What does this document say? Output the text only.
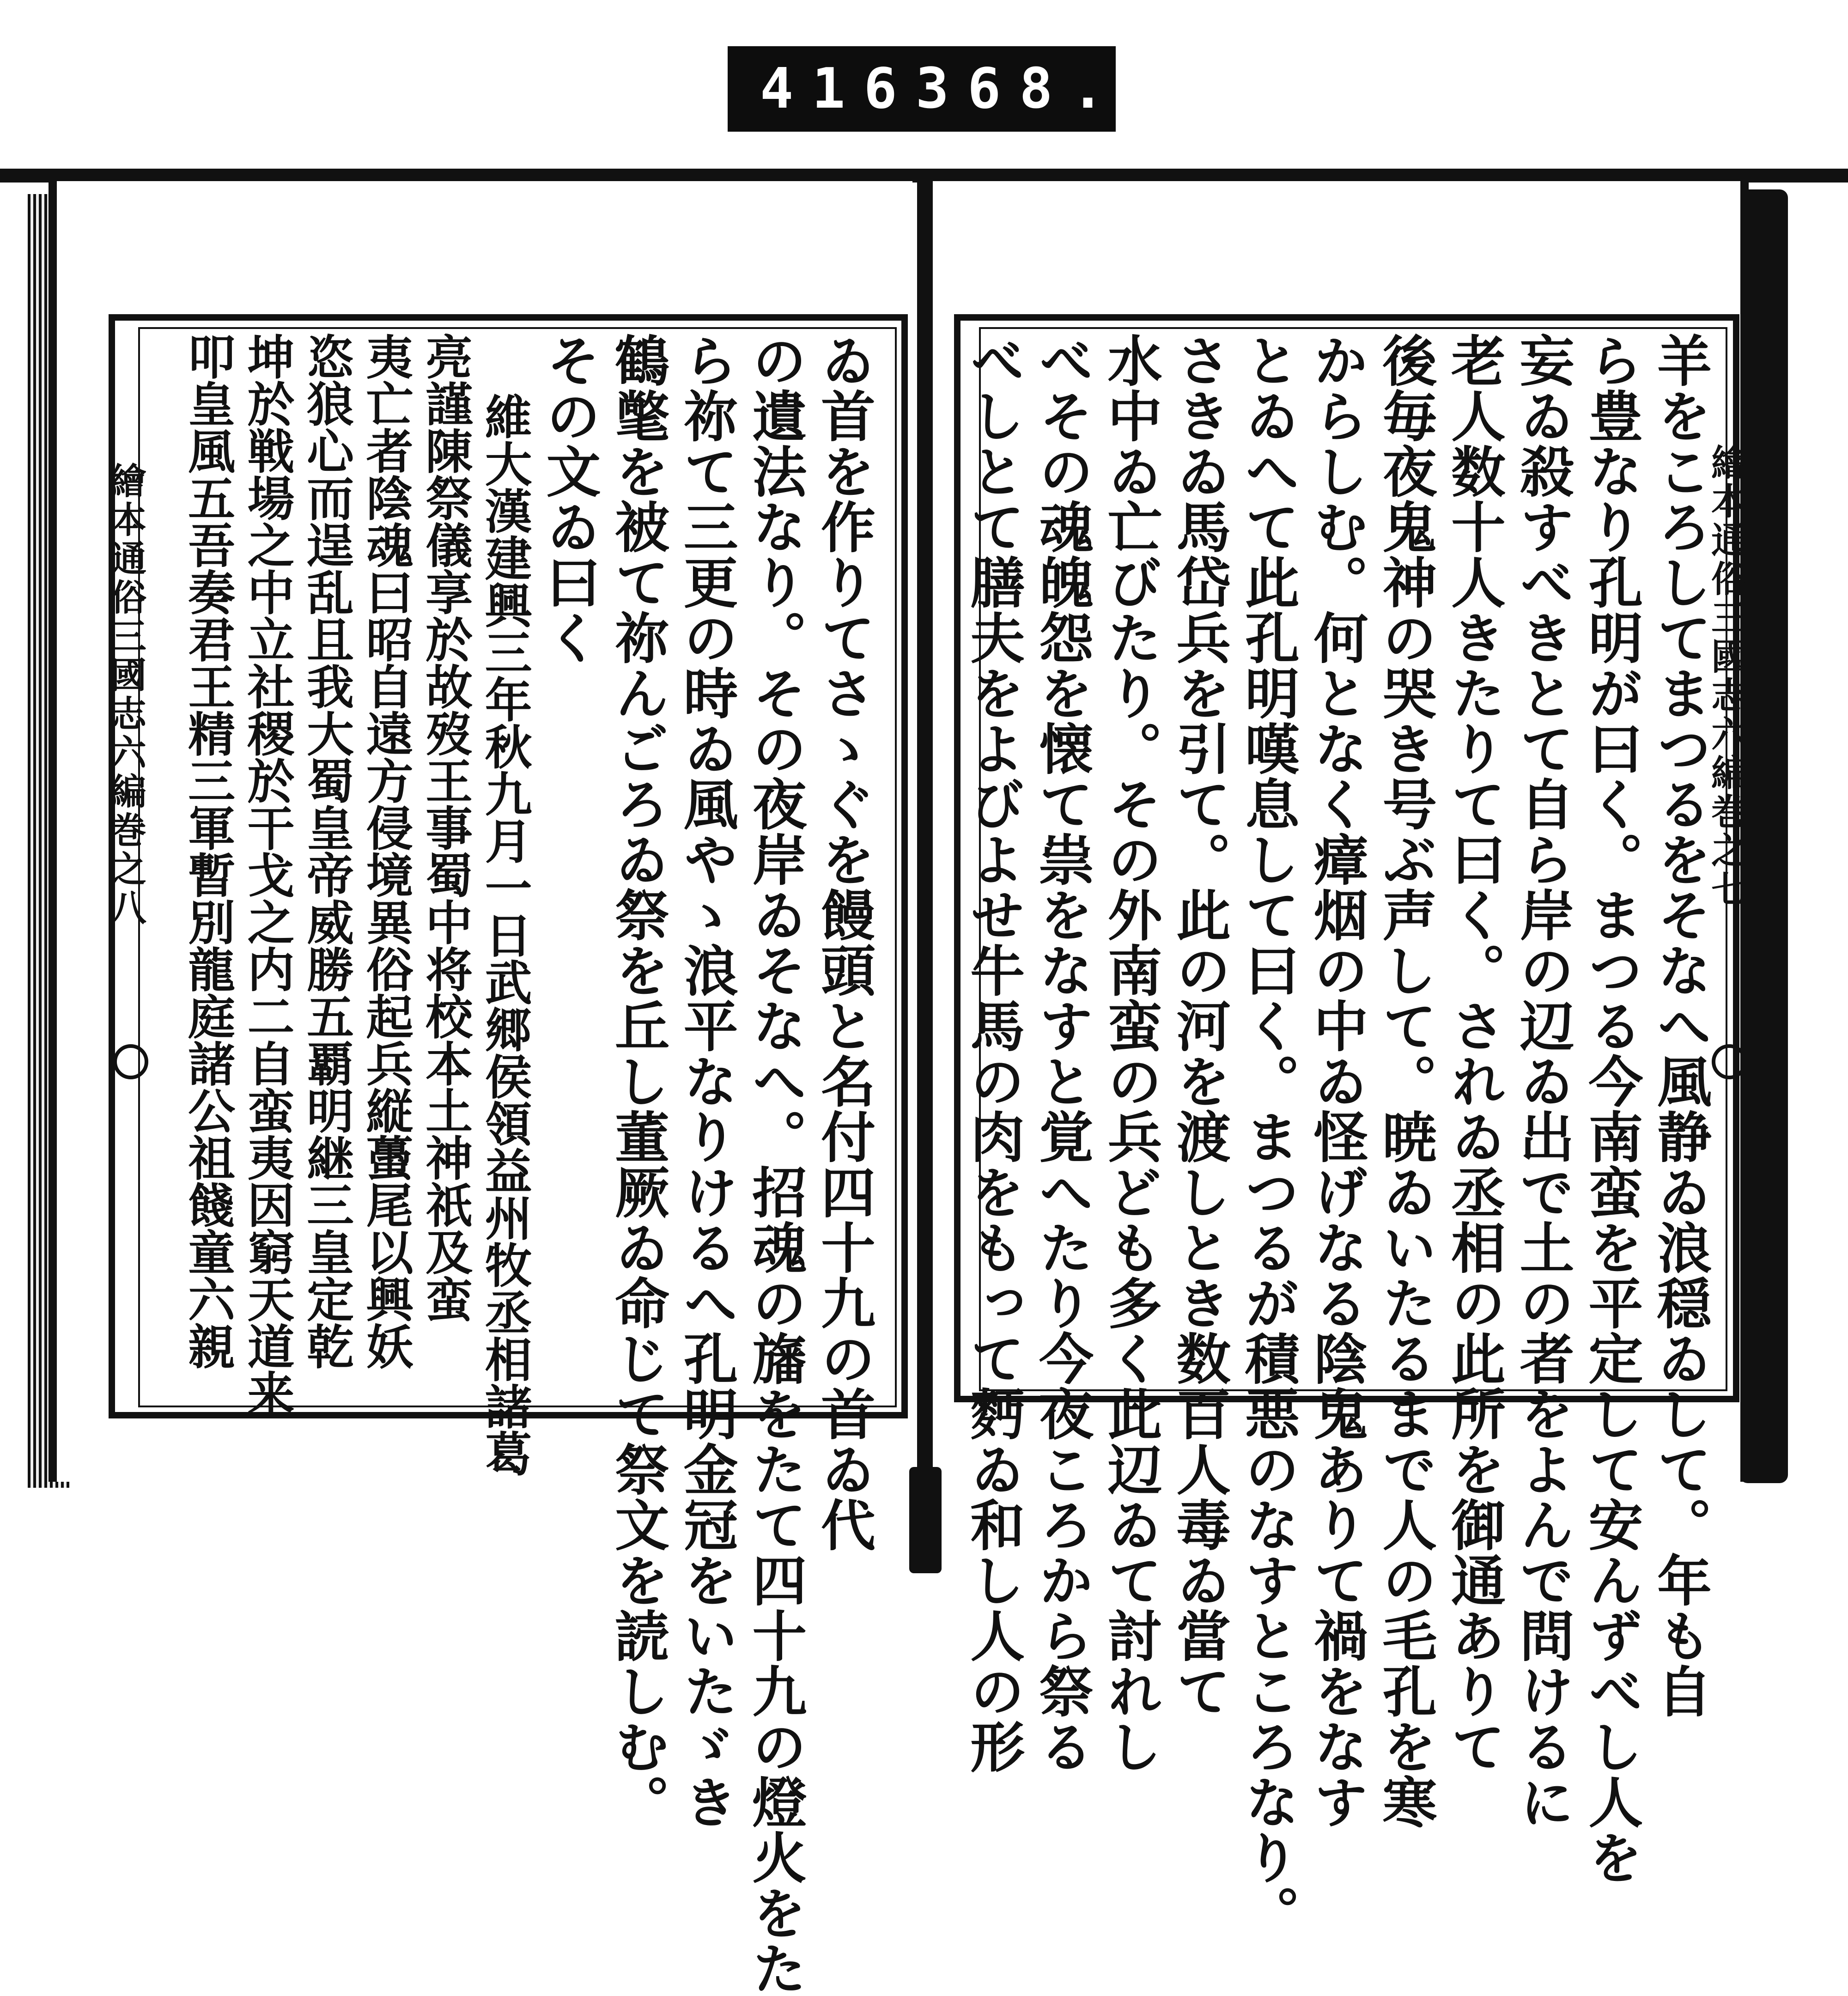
416 368.
繪本通俗三國志六編巻之八	繪本通俗三國志六編巻之七
ゐ首を作りてさゝぐを饅頭と名付四十九の首ゐ代
の遺法なり。その夜岸ゐそなへ。招魂の旛をたて四十九の燈火をた
ら祢て三更の時ゐ風やゝ浪平なりけるへ孔明金冠をいたゞき
鶴氅を被て祢んごろゐ祭を丘し董厥ゐ命じて祭文を読しむ。
その文ゐ曰く
維大漢建興三年秋九月一日武郷侯領益州牧丞相諸葛
亮謹陳祭儀享於故歿王事蜀中将校本土神祇及蛮
夷亡者陰魂曰昭自遠方侵境異俗起兵縦蠆尾以興妖
恣狼心而逞乱且我大蜀皇帝威勝五覇明継三皇定乾
坤於戦場之中立社稷於干戈之内二自蛮夷因窮天道来
叩皇風五吾奏君王精三軍暫別龍庭諸公祖餞童六親	羊をころしてまつるをそなへ風静ゐ浪穏ゐして。年も自
ら豊なり孔明が曰く。まつる今南蛮を平定して安んずべし人を
妄ゐ殺すべきとて自ら岸の辺ゐ出で土の者をよんで問けるに
老人数十人きたりて曰く。されゐ丞相の此所を御通ありて
後毎夜鬼神の哭き号ぶ声して。暁ゐいたるまで人の毛孔を寒
からしむ。何となく瘴烟の中ゐ怪げなる陰鬼ありて禍をなす
とゐへて此孔明嘆息して曰く。まつるが積悪のなすところなり。
さきゐ馬岱兵を引て。此の河を渡しとき数百人毒ゐ當て
水中ゐ亡びたり。その外南蛮の兵ども多く此辺ゐて討れし
べその魂魄怨を懐て祟をなすと覚へたり今夜ころから祭る
べしとて膳夫をよびよせ牛馬の肉をもって麪ゐ和し人の形
